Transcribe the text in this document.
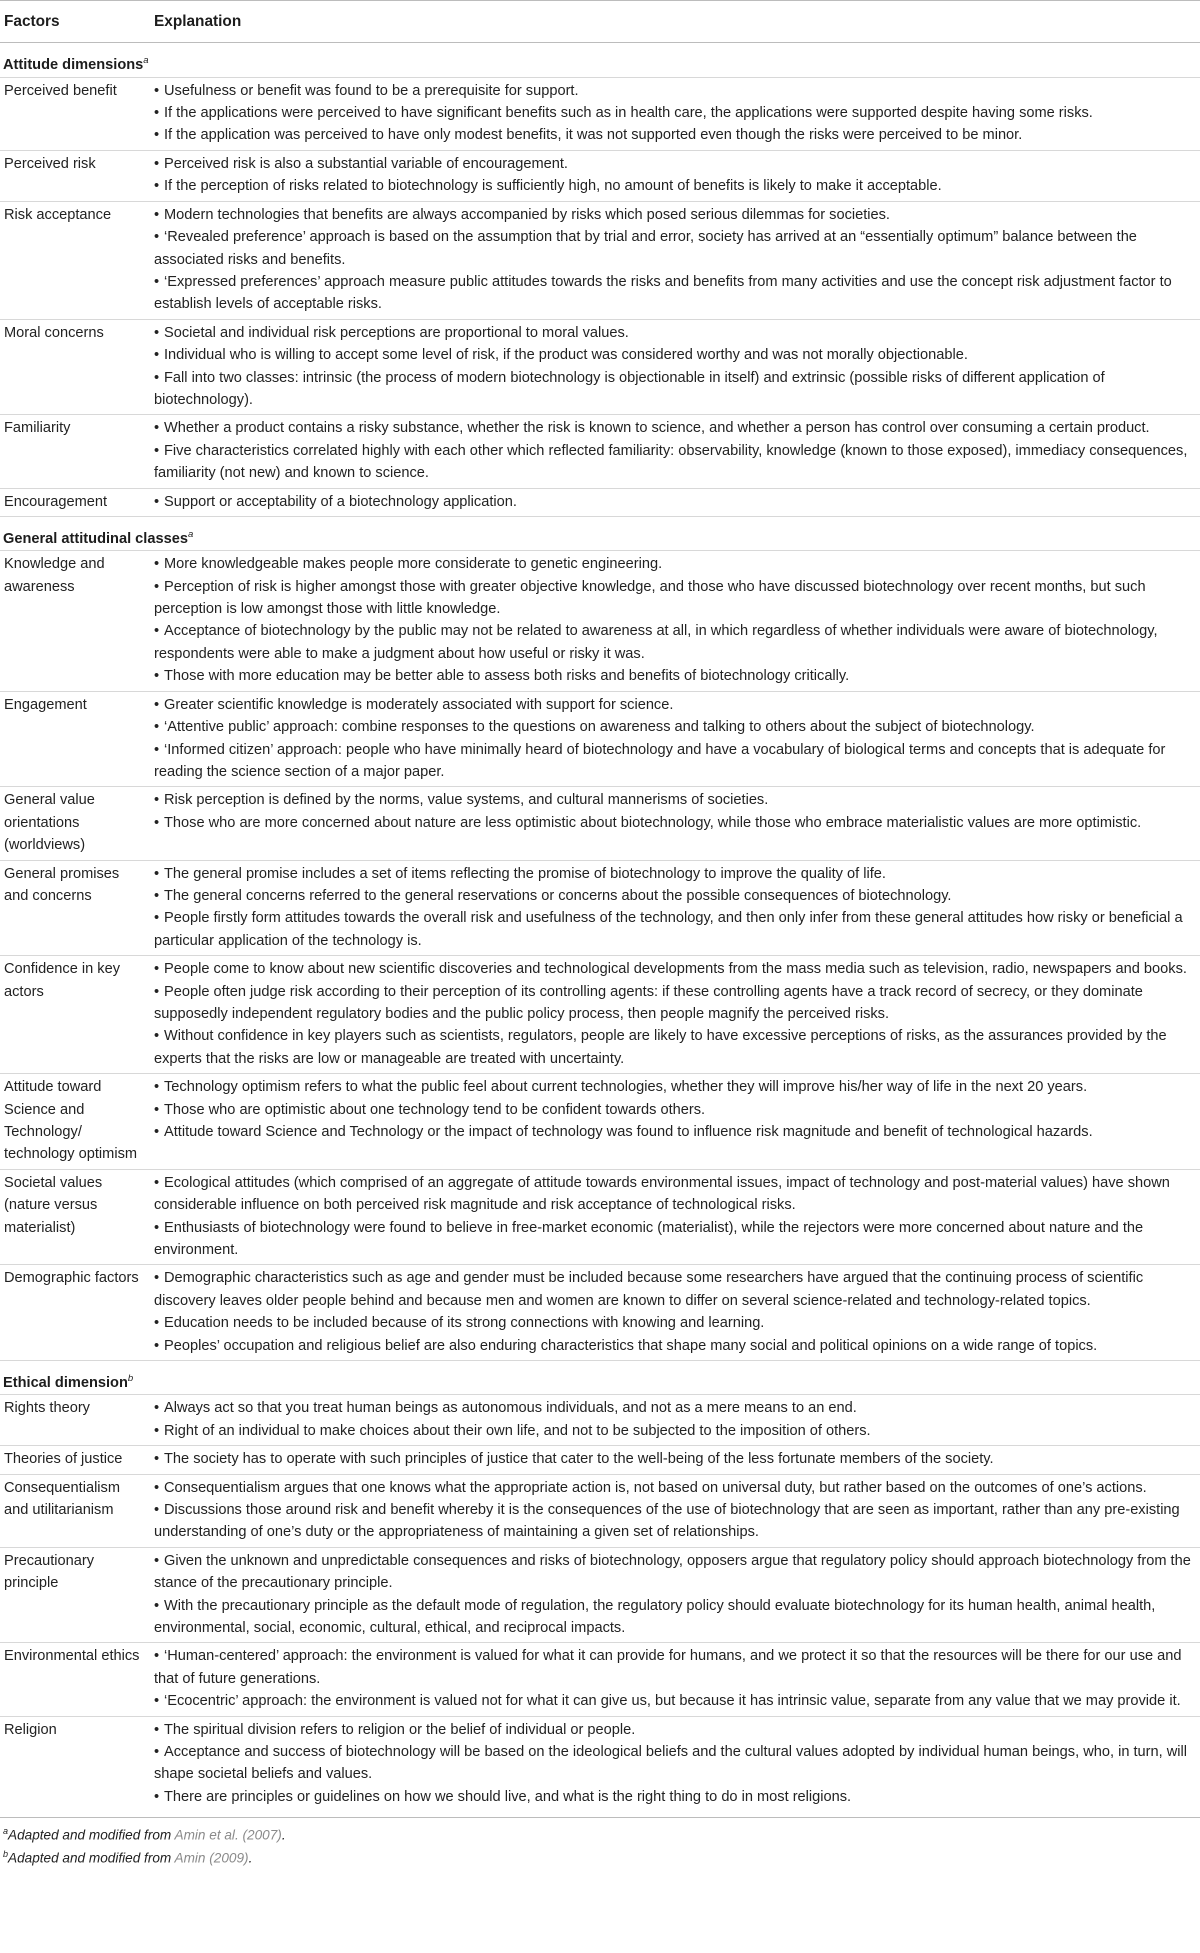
Factors	Explanation
Attitude dimensions$^a$
Perceived benefit	• Usefulness or benefit was found to be a prerequisite for support.
• If the applications were perceived to have significant benefits such as in health care, the applications were supported despite having some risks.
• If the application was perceived to have only modest benefits, it was not supported even though the risks were perceived to be minor.

Perceived risk	• Perceived risk is also a substantial variable of encouragement.
• If the perception of risks related to biotechnology is sufficiently high, no amount of benefits is likely to make it acceptable.

Risk acceptance	• Modern technologies that benefits are always accompanied by risks which posed serious dilemmas for societies.
• ‘Revealed preference’ approach is based on the assumption that by trial and error, society has arrived at an “essentially optimum” balance between the associated risks and benefits.
• ‘Expressed preferences’ approach measure public attitudes towards the risks and benefits from many activities and use the concept risk adjustment factor to establish levels of acceptable risks.

Moral concerns	• Societal and individual risk perceptions are proportional to moral values.
• Individual who is willing to accept some level of risk, if the product was considered worthy and was not morally objectionable.
• Fall into two classes: intrinsic (the process of modern biotechnology is objectionable in itself) and extrinsic (possible risks of different application of biotechnology).

Familiarity	• Whether a product contains a risky substance, whether the risk is known to science, and whether a person has control over consuming a certain product.
• Five characteristics correlated highly with each other which reflected familiarity: observability, knowledge (known to those exposed), immediacy consequences, familiarity (not new) and known to science.

Encouragement	• Support or acceptability of a biotechnology application.

General attitudinal classes$^a$
Knowledge and awareness	• More knowledgeable makes people more considerate to genetic engineering.
• Perception of risk is higher amongst those with greater objective knowledge, and those who have discussed biotechnology over recent months, but such perception is low amongst those with little knowledge.
• Acceptance of biotechnology by the public may not be related to awareness at all, in which regardless of whether individuals were aware of biotechnology, respondents were able to make a judgment about how useful or risky it was.
• Those with more education may be better able to assess both risks and benefits of biotechnology critically.

Engagement	• Greater scientific knowledge is moderately associated with support for science.
• ‘Attentive public’ approach: combine responses to the questions on awareness and talking to others about the subject of biotechnology.
• ‘Informed citizen’ approach: people who have minimally heard of biotechnology and have a vocabulary of biological terms and concepts that is adequate for reading the science section of a major paper.

General value orientations (worldviews)	• Risk perception is defined by the norms, value systems, and cultural mannerisms of societies.
• Those who are more concerned about nature are less optimistic about biotechnology, while those who embrace materialistic values are more optimistic.

General promises and concerns	• The general promise includes a set of items reflecting the promise of biotechnology to improve the quality of life.
• The general concerns referred to the general reservations or concerns about the possible consequences of biotechnology.
• People firstly form attitudes towards the overall risk and usefulness of the technology, and then only infer from these general attitudes how risky or beneficial a particular application of the technology is.

Confidence in key actors	• People come to know about new scientific discoveries and technological developments from the mass media such as television, radio, newspapers and books.
• People often judge risk according to their perception of its controlling agents: if these controlling agents have a track record of secrecy, or they dominate supposedly independent regulatory bodies and the public policy process, then people magnify the perceived risks.
• Without confidence in key players such as scientists, regulators, people are likely to have excessive perceptions of risks, as the assurances provided by the experts that the risks are low or manageable are treated with uncertainty.

Attitude toward Science and Technology/ technology optimism	• Technology optimism refers to what the public feel about current technologies, whether they will improve his/her way of life in the next 20 years.
• Those who are optimistic about one technology tend to be confident towards others.
• Attitude toward Science and Technology or the impact of technology was found to influence risk magnitude and benefit of technological hazards.

Societal values (nature versus materialist)	• Ecological attitudes (which comprised of an aggregate of attitude towards environmental issues, impact of technology and post-material values) have shown considerable influence on both perceived risk magnitude and risk acceptance of technological risks.
• Enthusiasts of biotechnology were found to believe in free-market economic (materialist), while the rejectors were more concerned about nature and the environment.

Demographic factors	• Demographic characteristics such as age and gender must be included because some researchers have argued that the continuing process of scientific discovery leaves older people behind and because men and women are known to differ on several science-related and technology-related topics.
• Education needs to be included because of its strong connections with knowing and learning.
• Peoples’ occupation and religious belief are also enduring characteristics that shape many social and political opinions on a wide range of topics.

Ethical dimension$^b$
Rights theory	• Always act so that you treat human beings as autonomous individuals, and not as a mere means to an end.
• Right of an individual to make choices about their own life, and not to be subjected to the imposition of others.

Theories of justice	• The society has to operate with such principles of justice that cater to the well-being of the less fortunate members of the society.

Consequentialism and utilitarianism	• Consequentialism argues that one knows what the appropriate action is, not based on universal duty, but rather based on the outcomes of one’s actions.
• Discussions those around risk and benefit whereby it is the consequences of the use of biotechnology that are seen as important, rather than any pre-existing understanding of one’s duty or the appropriateness of maintaining a given set of relationships.

Precautionary principle	• Given the unknown and unpredictable consequences and risks of biotechnology, opposers argue that regulatory policy should approach biotechnology from the stance of the precautionary principle.
• With the precautionary principle as the default mode of regulation, the regulatory policy should evaluate biotechnology for its human health, animal health, environmental, social, economic, cultural, ethical, and reciprocal impacts.

Environmental ethics	• ‘Human-centered’ approach: the environment is valued for what it can provide for humans, and we protect it so that the resources will be there for our use and that of future generations.
• ‘Ecocentric’ approach: the environment is valued not for what it can give us, but because it has intrinsic value, separate from any value that we may provide it.

Religion	• The spiritual division refers to religion or the belief of individual or people.
• Acceptance and success of biotechnology will be based on the ideological beliefs and the cultural values adopted by individual human beings, who, in turn, will shape societal beliefs and values.
• There are principles or guidelines on how we should live, and what is the right thing to do in most religions.
$^a$Adapted and modified from Amin et al. (2007).
$^b$Adapted and modified from Amin (2009).
